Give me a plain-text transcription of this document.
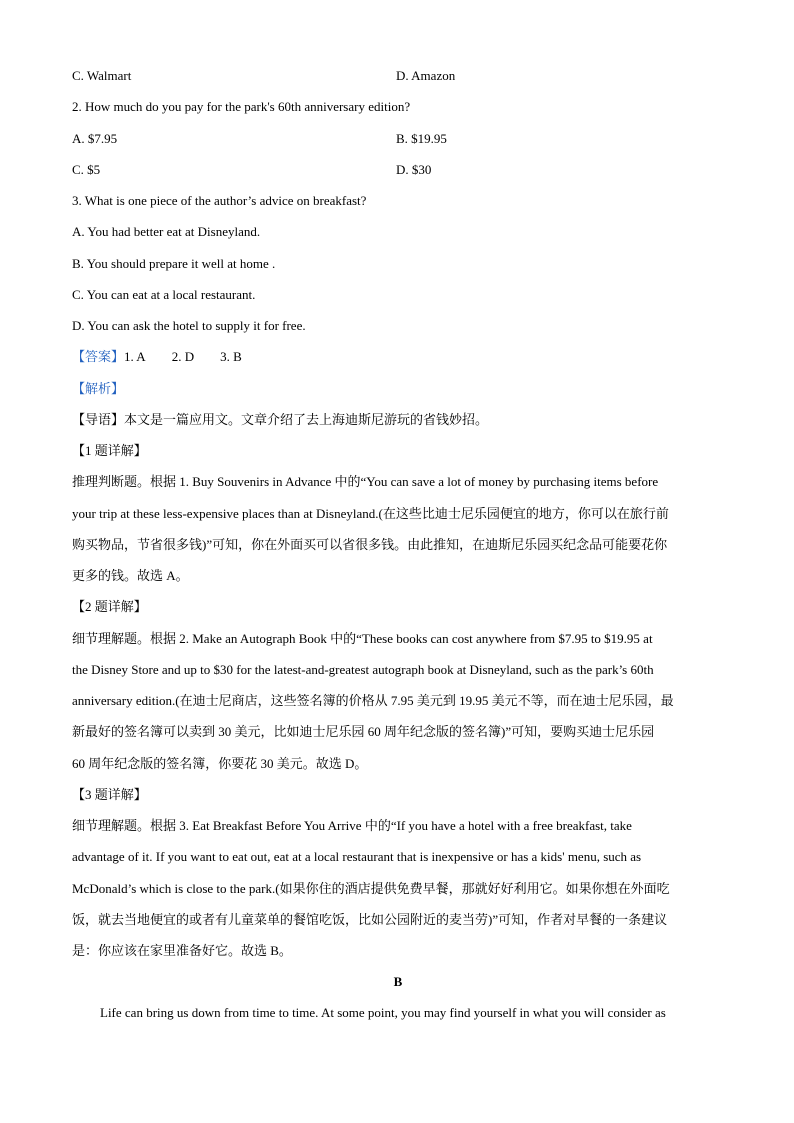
C. Walmart	D. Amazon
2. How much do you pay for the park's 60th anniversary edition?
A. $7.95	B. $19.95
C. $5	D. $30
3. What is one piece of the author’s advice on breakfast?
A. You had better eat at Disneyland.
B. You should prepare it well at home .
C. You can eat at a local restaurant.
D. You can ask the hotel to supply it for free.
【答案】1. A 2. D 3. B
【解析】
【导语】本文是一篇应用文。文章介绍了去上海迪斯尼游玩的省钱妙招。
【1 题详解】
推理判断题。根据 1. Buy Souvenirs in Advance 中的“You can save a lot of money by purchasing items before
your trip at these less-expensive places than at Disneyland.(在这些比迪士尼乐园便宜的地方，你可以在旅行前
购买物品，节省很多钱)”可知，你在外面买可以省很多钱。由此推知，在迪斯尼乐园买纪念品可能要花你
更多的钱。故选 A。
【2 题详解】
细节理解题。根据 2. Make an Autograph Book 中的“These books can cost anywhere from $7.95 to $19.95 at
the Disney Store and up to $30 for the latest-and-greatest autograph book at Disneyland, such as the park’s 60th
anniversary edition.(在迪士尼商店，这些签名簿的价格从 7.95 美元到 19.95 美元不等，而在迪士尼乐园，最
新最好的签名簿可以卖到 30 美元，比如迪士尼乐园 60 周年纪念版的签名簿)”可知，要购买迪士尼乐园
60 周年纪念版的签名簿，你要花 30 美元。故选 D。
【3 题详解】
细节理解题。根据 3. Eat Breakfast Before You Arrive 中的“If you have a hotel with a free breakfast, take
advantage of it. If you want to eat out, eat at a local restaurant that is inexpensive or has a kids' menu, such as
McDonald’s which is close to the park.(如果你住的酒店提供免费早餐，那就好好利用它。如果你想在外面吃
饭，就去当地便宜的或者有儿童菜单的餐馆吃饭，比如公园附近的麦当劳)”可知，作者对早餐的一条建议
是：你应该在家里准备好它。故选 B。
B
Life can bring us down from time to time. At some point, you may find yourself in what you will consider as
